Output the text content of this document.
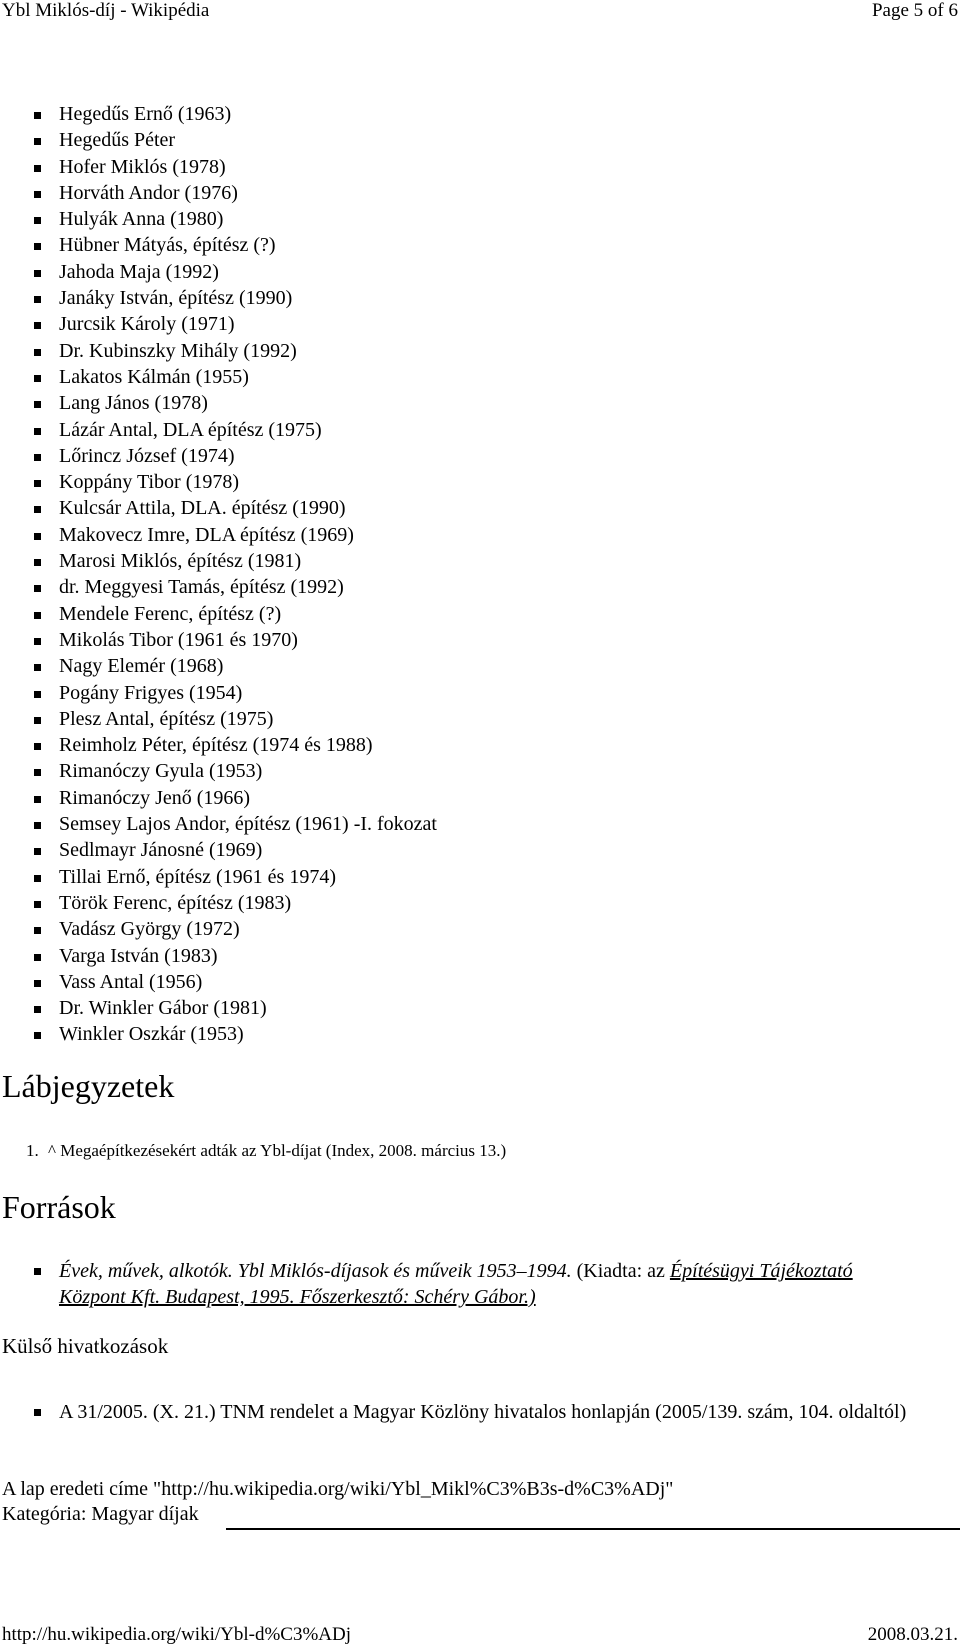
Ybl Miklós-díj - Wikipédia	Page 5 of 6
Hegedűs Ernő (1963)
Hegedűs Péter
Hofer Miklós (1978)
Horváth Andor (1976)
Hulyák Anna (1980)
Hübner Mátyás, építész (?)
Jahoda Maja (1992)
Janáky István, építész (1990)
Jurcsik Károly (1971)
Dr. Kubinszky Mihály (1992)
Lakatos Kálmán (1955)
Lang János (1978)
Lázár Antal, DLA építész (1975)
Lőrincz József (1974)
Koppány Tibor (1978)
Kulcsár Attila, DLA. építész (1990)
Makovecz Imre, DLA építész (1969)
Marosi Miklós, építész (1981)
dr. Meggyesi Tamás, építész (1992)
Mendele Ferenc, építész (?)
Mikolás Tibor (1961 és 1970)
Nagy Elemér (1968)
Pogány Frigyes (1954)
Plesz Antal, építész (1975)
Reimholz Péter, építész (1974 és 1988)
Rimanóczy Gyula (1953)
Rimanóczy Jenő (1966)
Semsey Lajos Andor, építész (1961) -I. fokozat
Sedlmayr Jánosné (1969)
Tillai Ernő, építész (1961 és 1974)
Török Ferenc, építész (1983)
Vadász György (1972)
Varga István (1983)
Vass Antal (1956)
Dr. Winkler Gábor (1981)
Winkler Oszkár (1953)
Lábjegyzetek
1. ^ Megaépítkezésekért adták az Ybl-díjat (Index, 2008. március 13.)
Források
Évek, művek, alkotók. Ybl Miklós-díjasok és műveik 1953–1994. (Kiadta: az Építésügyi Tájékoztató Központ Kft. Budapest, 1995. Főszerkesztő: Schéry Gábor.)
Külső hivatkozások
A 31/2005. (X. 21.) TNM rendelet a Magyar Közlöny hivatalos honlapján (2005/139. szám, 104. oldaltól)
A lap eredeti címe "http://hu.wikipedia.org/wiki/Ybl_Mikl%C3%B3s-d%C3%ADj"
Kategória: Magyar díjak
http://hu.wikipedia.org/wiki/Ybl-d%C3%ADj	2008.03.21.
